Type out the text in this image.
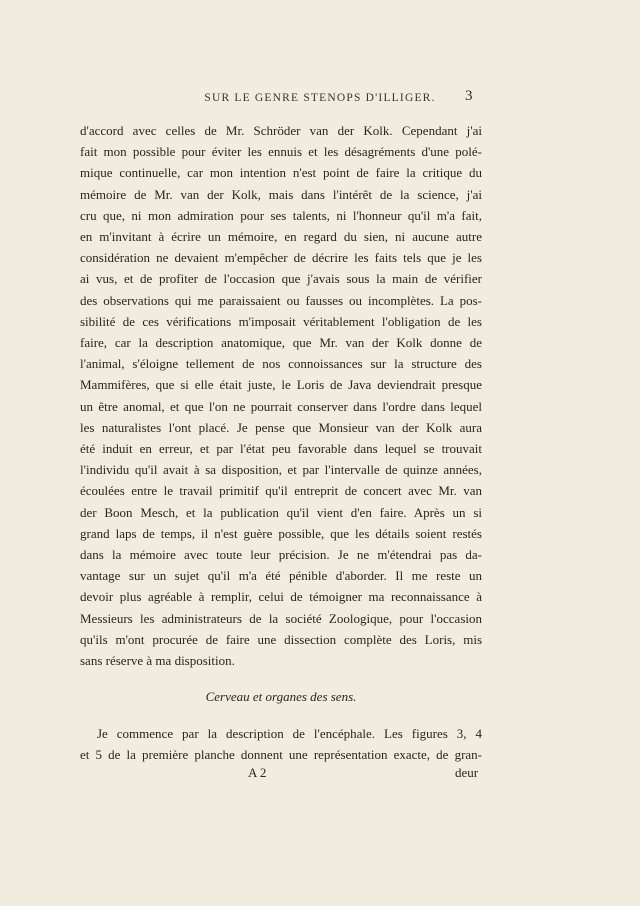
SUR LE GENRE STENOPS D'ILLIGER.	3

d'accord avec celles de Mr. Schröder van der Kolk. Cependant j'ai

fait mon possible pour éviter les ennuis et les désagréments d'une polé-

mique continuelle, car mon intention n'est point de faire la critique du

mémoire de Mr. van der Kolk, mais dans l'intérêt de la science, j'ai

cru que, ni mon admiration pour ses talents, ni l'honneur qu'il m'a fait,

en m'invitant à écrire un mémoire, en regard du sien, ni aucune autre

considération ne devaient m'empêcher de décrire les faits tels que je les

ai vus, et de profiter de l'occasion que j'avais sous la main de vérifier

des observations qui me paraissaient ou fausses ou incomplètes. La pos-

sibilité de ces vérifications m'imposait véritablement l'obligation de les

faire, car la description anatomique, que Mr. van der Kolk donne de

l'animal, s'éloigne tellement de nos connoissances sur la structure des

Mammifères, que si elle était juste, le Loris de Java deviendrait presque

un être anomal, et que l'on ne pourrait conserver dans l'ordre dans lequel

les naturalistes l'ont placé. Je pense que Monsieur van der Kolk aura

été induit en erreur, et par l'état peu favorable dans lequel se trouvait

l'individu qu'il avait à sa disposition, et par l'intervalle de quinze années,

écoulées entre le travail primitif qu'il entreprit de concert avec Mr. van

der Boon Mesch, et la publication qu'il vient d'en faire. Après un si

grand laps de temps, il n'est guère possible, que les détails soient restés

dans la mémoire avec toute leur précision. Je ne m'étendrai pas da-

vantage sur un sujet qu'il m'a été pénible d'aborder. Il me reste un

devoir plus agréable à remplir, celui de témoigner ma reconnaissance à

Messieurs les administrateurs de la société Zoologique, pour l'occasion

qu'ils m'ont procurée de faire une dissection complète des Loris, mis

sans réserve à ma disposition.

Cerveau et organes des sens.

Je commence par la description de l'encéphale. Les figures 3, 4

et 5 de la première planche donnent une représentation exacte, de gran-

A 2	deur
